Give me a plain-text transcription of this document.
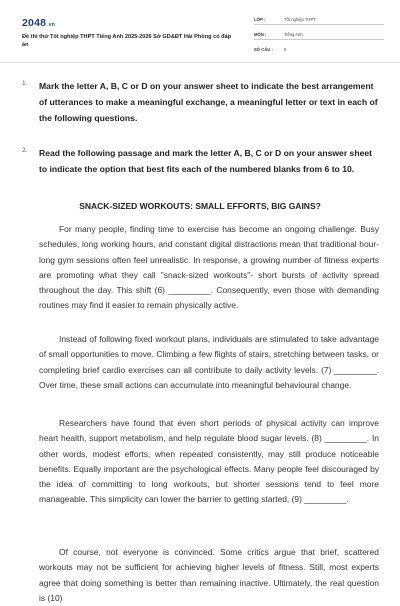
2048.vn
Đề thi thử Tốt nghiệp THPT Tiếng Anh 2025-2026 Sở GD&ĐT Hải Phòng có đáp án
LỚP :	Tốt nghiệp THPT
MÔN :	Tiếng Anh
SỐ CÂU :	6
1. Mark the letter A, B, C or D on your answer sheet to indicate the best arrangement of utterances to make a meaningful exchange, a meaningful letter or text in each of the following questions.
2. Read the following passage and mark the letter A, B, C or D on your answer sheet to indicate the option that best fits each of the numbered blanks from 6 to 10.
SNACK-SIZED WORKOUTS: SMALL EFFORTS, BIG GAINS?

For many people, finding time to exercise has become an ongoing challenge. Busy schedules, long working hours, and constant digital distractions mean that traditional hour-long gym sessions often feel unrealistic. In response, a growing number of fitness experts are promoting what they call "snack-sized workouts"- short bursts of activity spread throughout the day. This shift (6) _________. Consequently, even those with demanding routines may find it easier to remain physically active.

Instead of following fixed workout plans, individuals are stimulated to take advantage of small opportunities to move. Climbing a few flights of stairs, stretching between tasks, or completing brief cardio exercises can all contribute to daily activity levels. (7) _________. Over time, these small actions can accumulate into meaningful behavioural change.

Researchers have found that even short periods of physical activity can improve heart health, support metabolism, and help regulate blood sugar levels. (8) _________. In other words, modest efforts, when repeated consistently, may still produce noticeable benefits. Equally important are the psychological effects. Many people feel discouraged by the idea of committing to long workouts, but shorter sessions tend to feel more manageable. This simplicity can lower the barrier to getting started, (9) _________.

Of course, not everyone is convinced. Some critics argue that brief, scattered workouts may not be sufficient for achieving higher levels of fitness. Still, most experts agree that doing something is better than remaining inactive. Ultimately, the real question is (10)
